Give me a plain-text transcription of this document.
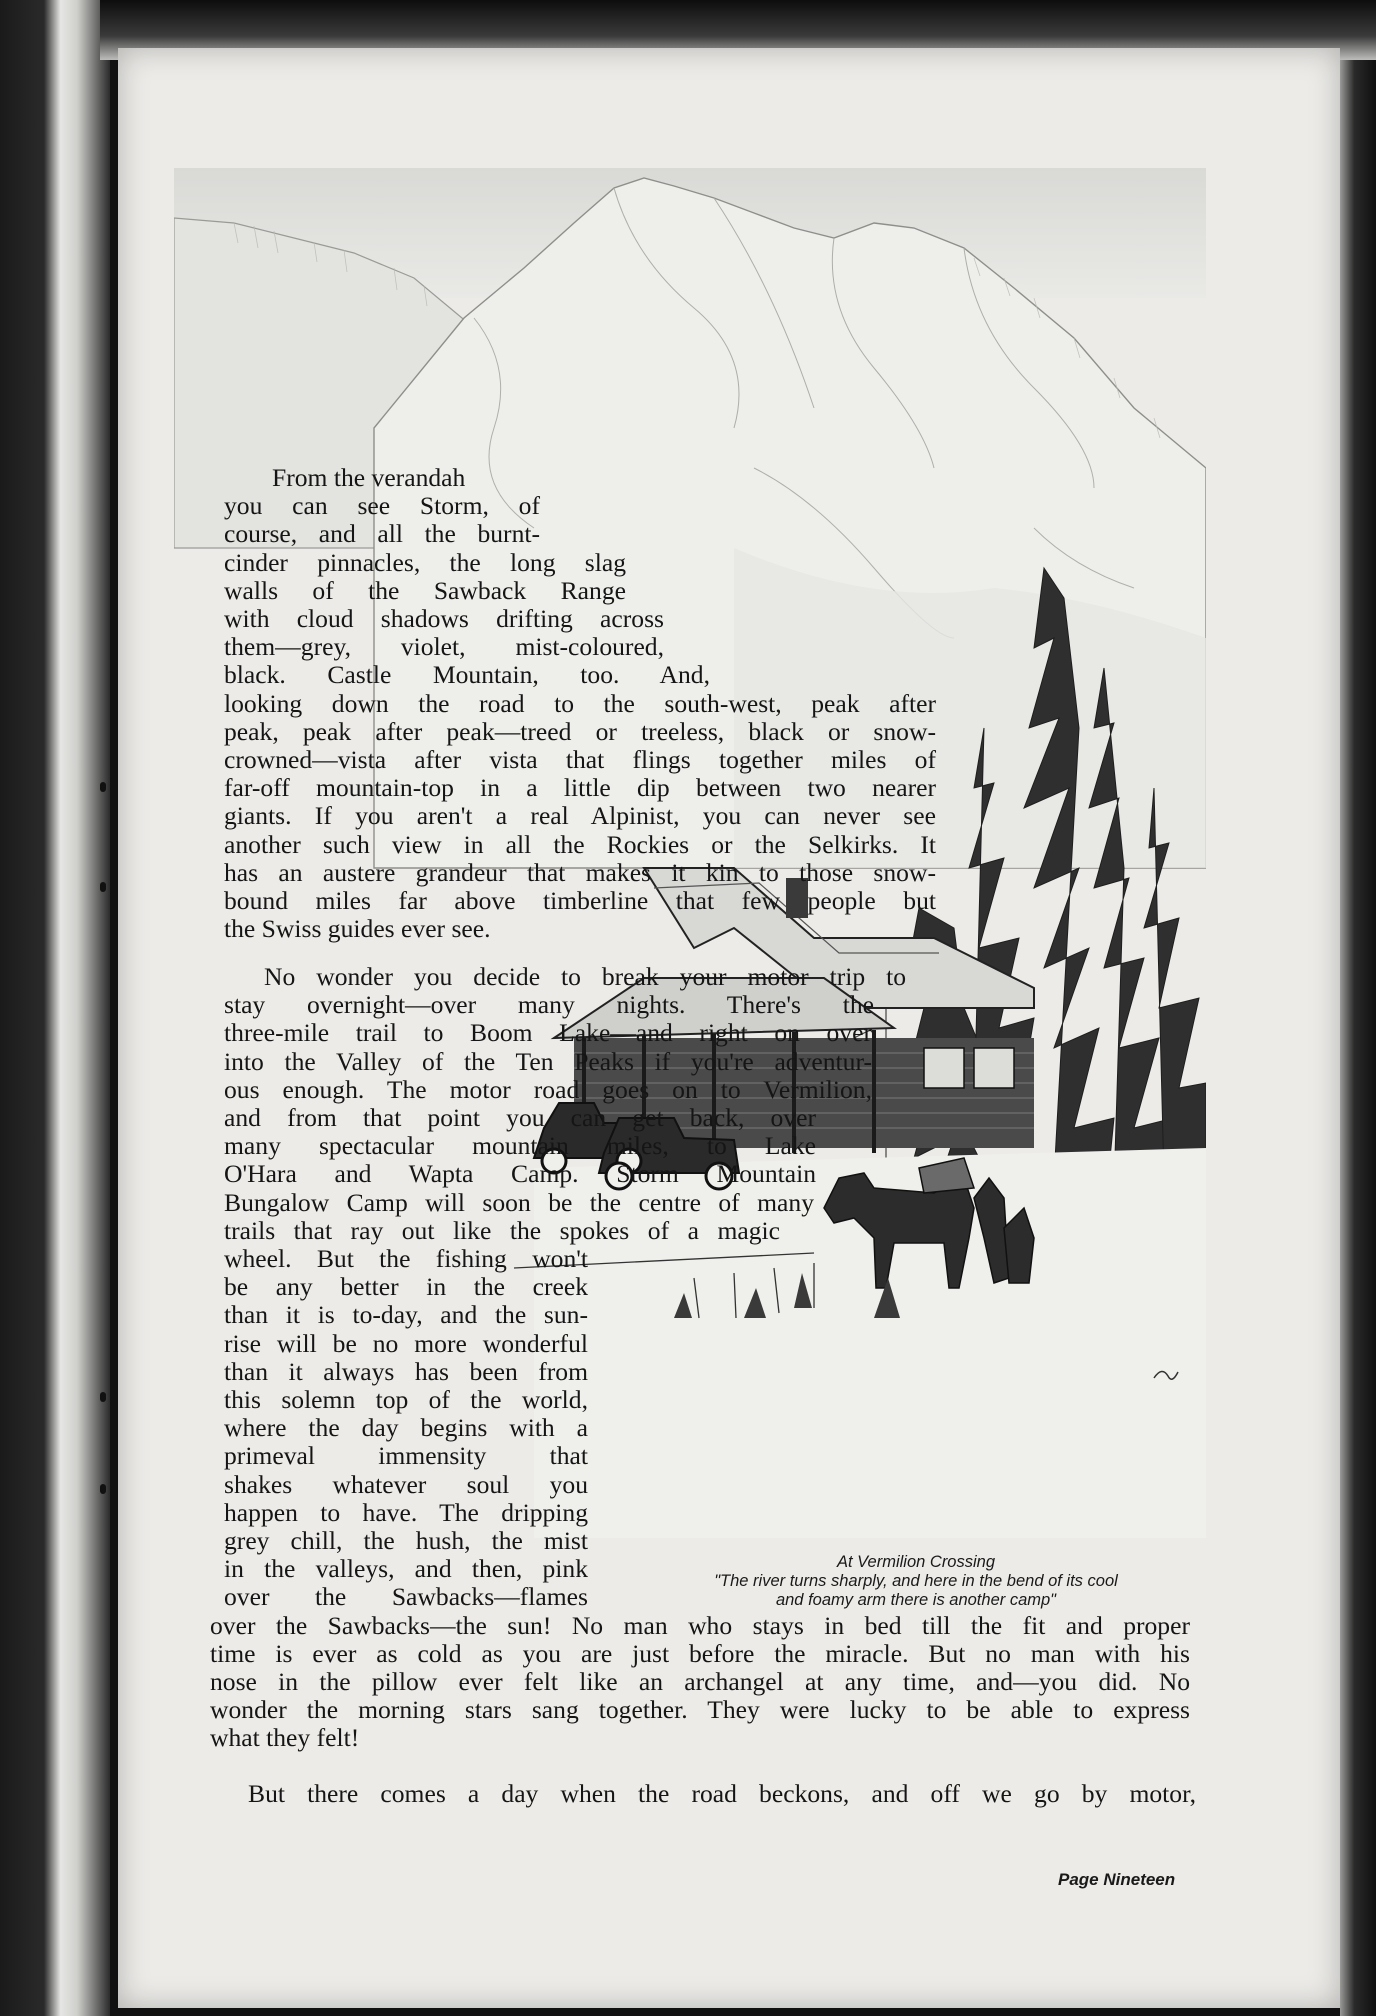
From the verandah
you can see Storm, of
course, and all the burnt-
cinder pinnacles, the long slag
walls of the Sawback Range
with cloud shadows drifting across
them—grey, violet, mist-coloured,
black. Castle Mountain, too. And,
looking down the road to the south-west, peak after
peak, peak after peak—treed or treeless, black or snow-
crowned—vista after vista that flings together miles of
far-off mountain-top in a little dip between two nearer
giants. If you aren't a real Alpinist, you can never see
another such view in all the Rockies or the Selkirks. It
has an austere grandeur that makes it kin to those snow-
bound miles far above timberline that few people but
the Swiss guides ever see.
No wonder you decide to break your motor trip to
stay overnight—over many nights. There's the
three-mile trail to Boom Lake—and right on over
into the Valley of the Ten Peaks if you're adventur-
ous enough. The motor road goes on to Vermilion,
and from that point you can get back, over
many spectacular mountain miles, to Lake
O'Hara and Wapta Camp. Storm Mountain
Bungalow Camp will soon be the centre of many
trails that ray out like the spokes of a magic
wheel. But the fishing won't
be any better in the creek
than it is to-day, and the sun-
rise will be no more wonderful
than it always has been from
this solemn top of the world,
where the day begins with a
primeval immensity that
shakes whatever soul you
happen to have. The dripping
grey chill, the hush, the mist
in the valleys, and then, pink
over the Sawbacks—flames
over the Sawbacks—the sun! No man who stays in bed till the fit and proper
time is ever as cold as you are just before the miracle. But no man with his
nose in the pillow ever felt like an archangel at any time, and—you did. No
wonder the morning stars sang together. They were lucky to be able to express
what they felt!
But there comes a day when the road beckons, and off we go by motor,
At Vermilion Crossing
"The river turns sharply, and here in the bend of its cool
and foamy arm there is another camp"
Page Nineteen
